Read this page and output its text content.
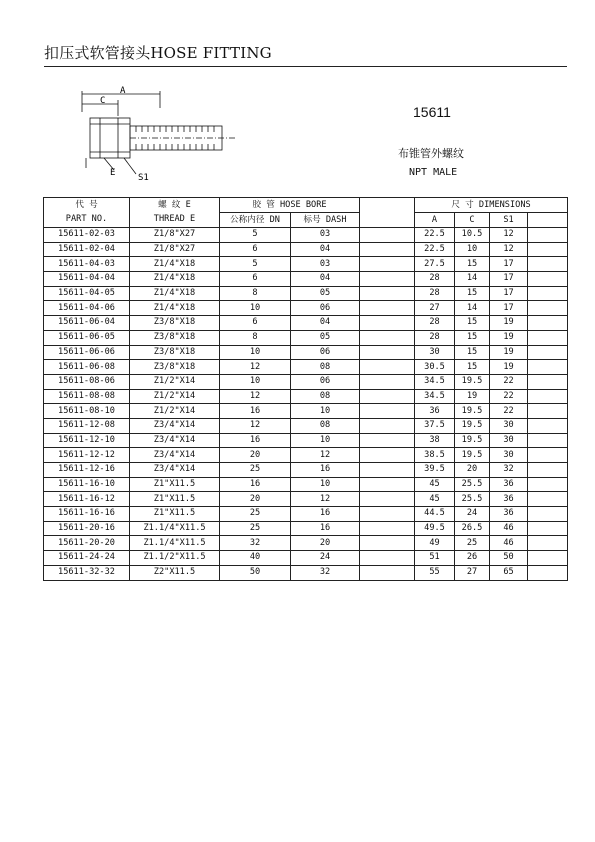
扣压式软管接头HOSE FITTING
A
C
E	S1
15611
布锥管外螺纹
NPT MALE
代 号	螺 纹 E	胶 管 HOSE BORE			尺 寸 DIMENSIONS			
PART NO.	THREAD E	公称内径 DN	标号 DASH		A	C	S1	
15611-02-03	Z1/8"X27	5	03		22.5	10.5	12	
15611-02-04	Z1/8"X27	6	04		22.5	10	12	
15611-04-03	Z1/4"X18	5	03		27.5	15	17	
15611-04-04	Z1/4"X18	6	04		28	14	17	
15611-04-05	Z1/4"X18	8	05		28	15	17	
15611-04-06	Z1/4"X18	10	06		27	14	17	
15611-06-04	Z3/8"X18	6	04		28	15	19	
15611-06-05	Z3/8"X18	8	05		28	15	19	
15611-06-06	Z3/8"X18	10	06		30	15	19	
15611-06-08	Z3/8"X18	12	08		30.5	15	19	
15611-08-06	Z1/2"X14	10	06		34.5	19.5	22	
15611-08-08	Z1/2"X14	12	08		34.5	19	22	
15611-08-10	Z1/2"X14	16	10		36	19.5	22	
15611-12-08	Z3/4"X14	12	08		37.5	19.5	30	
15611-12-10	Z3/4"X14	16	10		38	19.5	30	
15611-12-12	Z3/4"X14	20	12		38.5	19.5	30	
15611-12-16	Z3/4"X14	25	16		39.5	20	32	
15611-16-10	Z1"X11.5	16	10		45	25.5	36	
15611-16-12	Z1"X11.5	20	12		45	25.5	36	
15611-16-16	Z1"X11.5	25	16		44.5	24	36	
15611-20-16	Z1.1/4"X11.5	25	16		49.5	26.5	46	
15611-20-20	Z1.1/4"X11.5	32	20		49	25	46	
15611-24-24	Z1.1/2"X11.5	40	24		51	26	50	
15611-32-32	Z2"X11.5	50	32		55	27	65	
